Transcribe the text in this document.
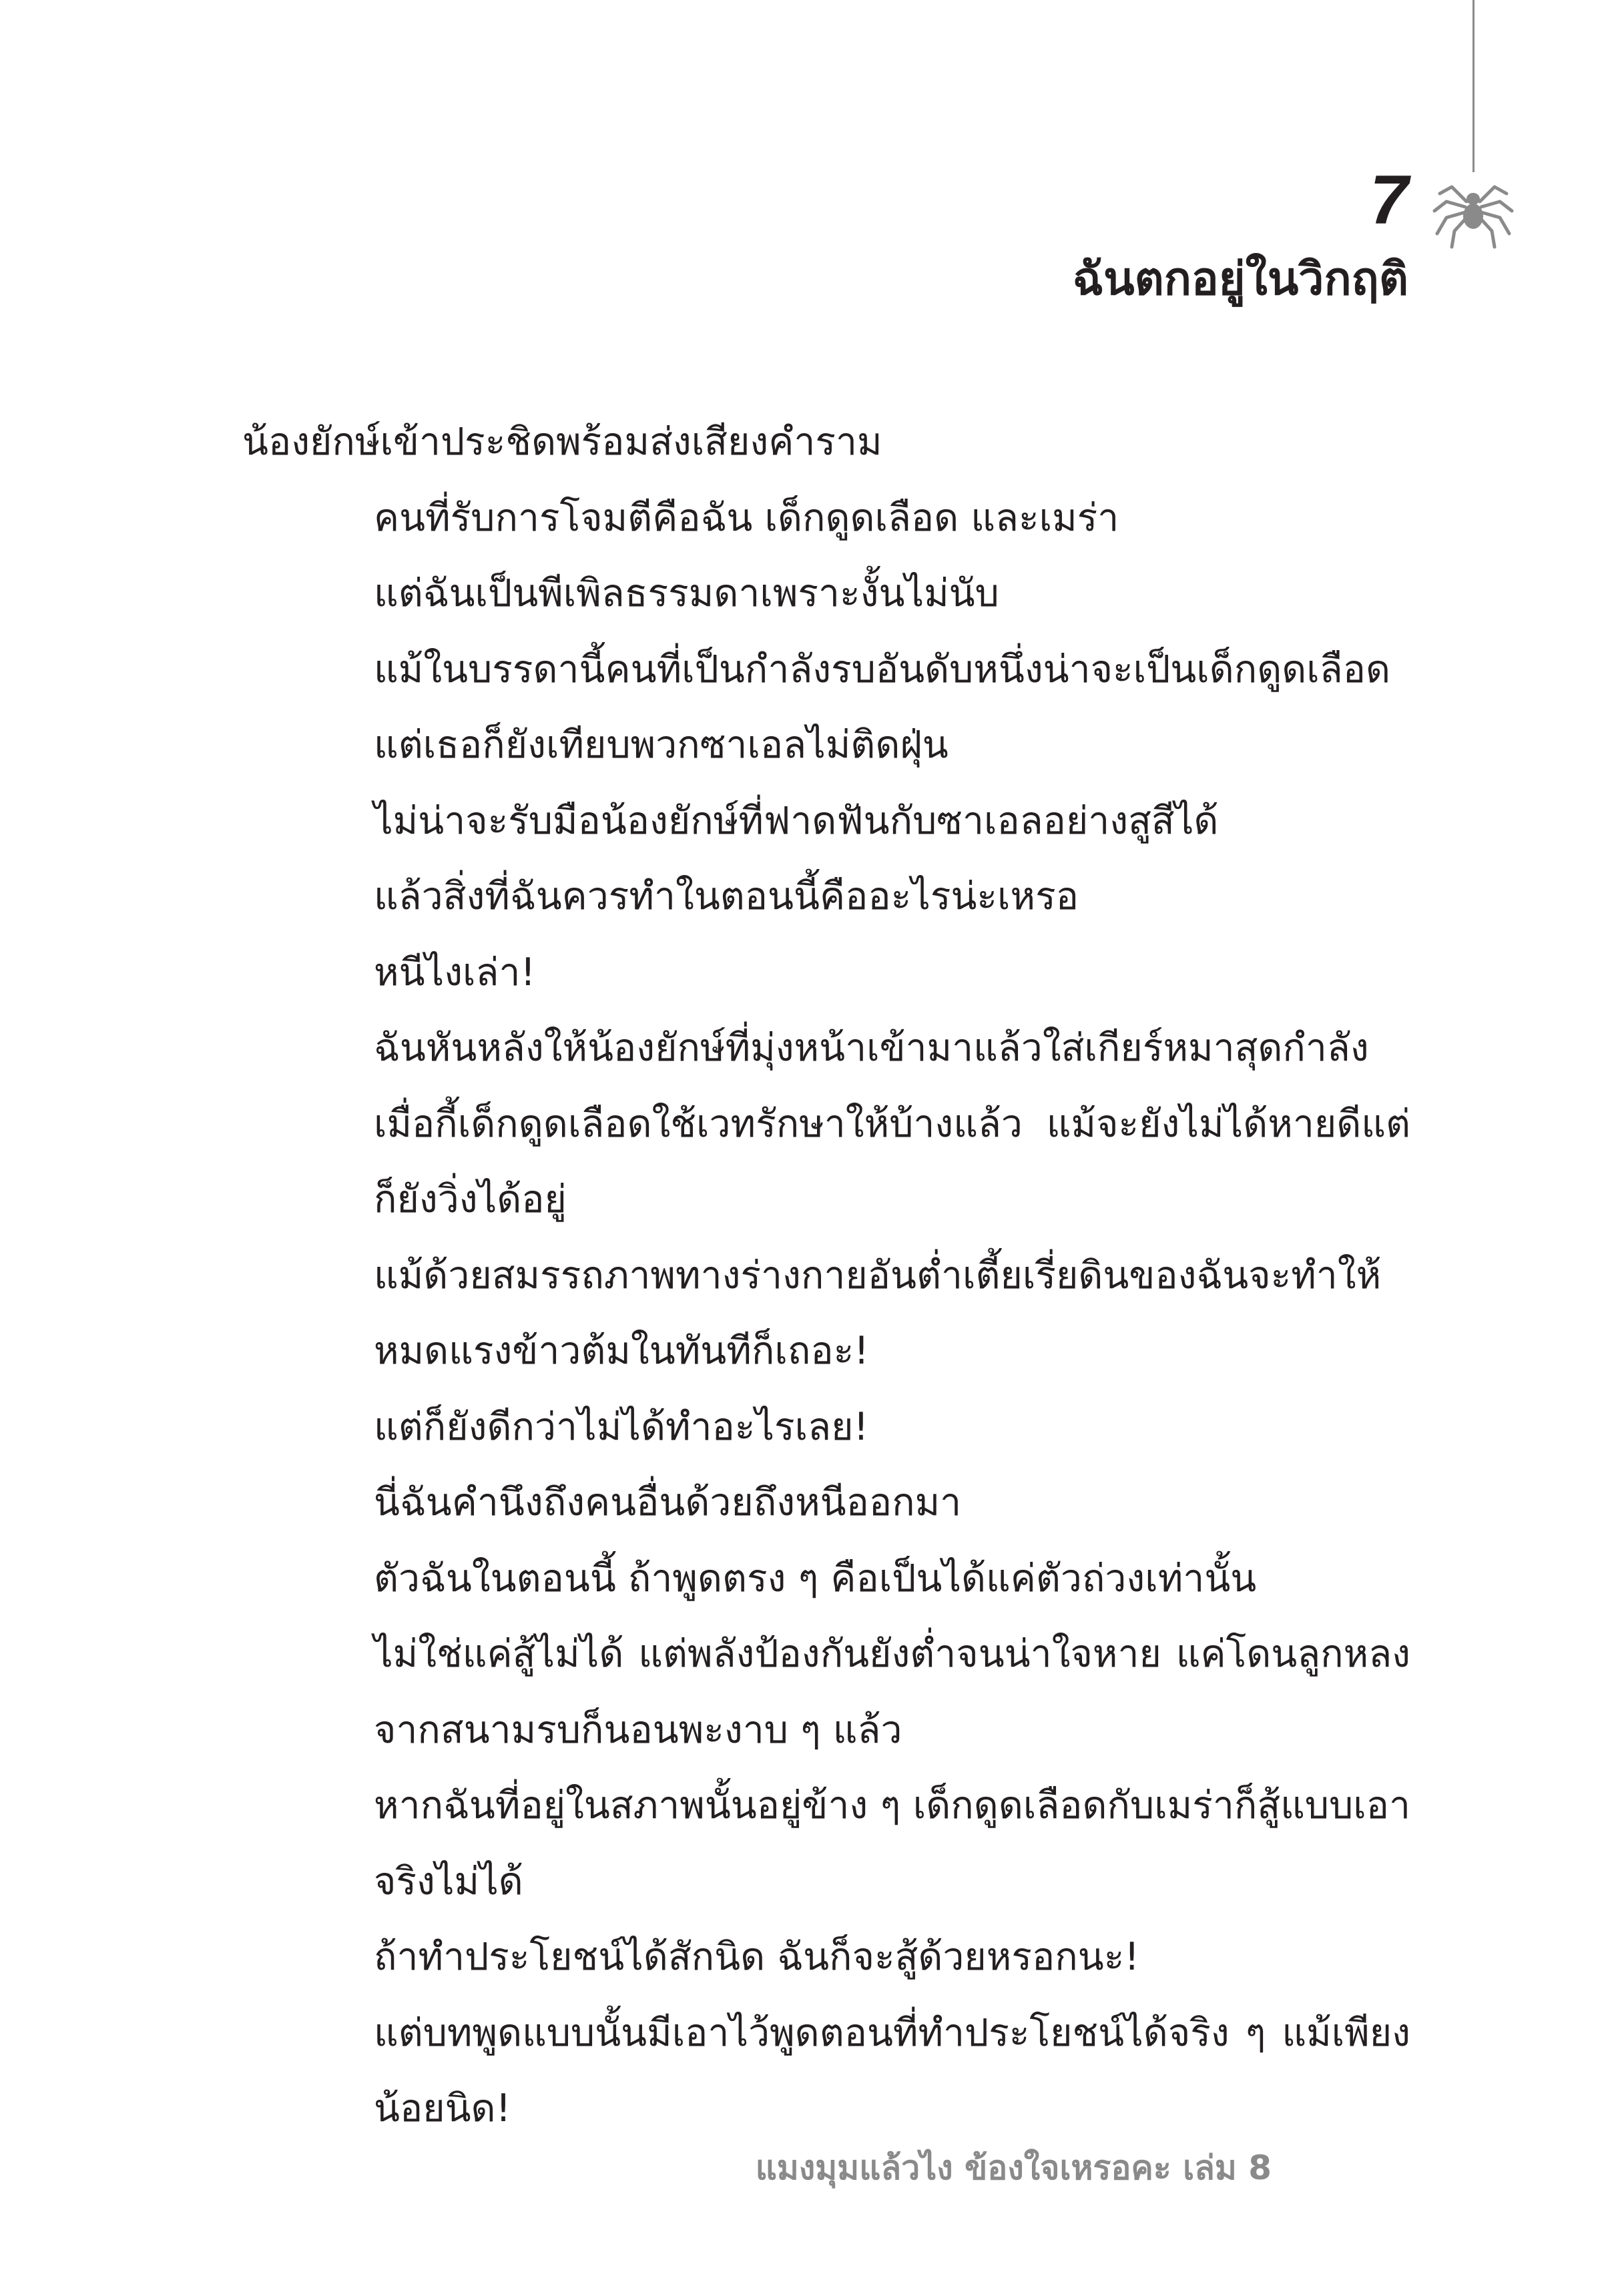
7
ฉันตกอยู่ในวิกฤติ

น้องยักษ์เข้าประชิดพร้อมส่งเสียงคำราม

คนที่รับการโจมตีคือฉัน เด็กดูดเลือด และเมร่า

แต่ฉันเป็นพีเพิลธรรมดาเพราะงั้นไม่นับ

แม้ในบรรดานี้คนที่เป็นกำลังรบอันดับหนึ่งน่าจะเป็นเด็กดูดเลือด แต่เธอก็ยังเทียบพวกซาเอลไม่ติดฝุ่น

ไม่น่าจะรับมือน้องยักษ์ที่ฟาดฟันกับซาเอลอย่างสูสีได้

แล้วสิ่งที่ฉันควรทำในตอนนี้คืออะไรน่ะเหรอ

หนีไงเล่า!

ฉันหันหลังให้น้องยักษ์ที่มุ่งหน้าเข้ามาแล้วใส่เกียร์หมาสุดกำลัง

เมื่อกี้เด็กดูดเลือดใช้เวทรักษาให้บ้างแล้ว แม้จะยังไม่ได้หายดีแต่ก็ยังวิ่งได้อยู่

แม้ด้วยสมรรถภาพทางร่างกายอันต่ำเตี้ยเรี่ยดินของฉันจะทำให้หมดแรงข้าวต้มในทันทีก็เถอะ!

แต่ก็ยังดีกว่าไม่ได้ทำอะไรเลย!

นี่ฉันคำนึงถึงคนอื่นด้วยถึงหนีออกมา

ตัวฉันในตอนนี้ ถ้าพูดตรง ๆ คือเป็นได้แค่ตัวถ่วงเท่านั้น

ไม่ใช่แค่สู้ไม่ได้ แต่พลังป้องกันยังต่ำจนน่าใจหาย แค่โดนลูกหลงจากสนามรบก็นอนพะงาบ ๆ แล้ว

หากฉันที่อยู่ในสภาพนั้นอยู่ข้าง ๆ เด็กดูดเลือดกับเมร่าก็สู้แบบเอาจริงไม่ได้

ถ้าทำประโยชน์ได้สักนิด ฉันก็จะสู้ด้วยหรอกนะ!

แต่บทพูดแบบนั้นมีเอาไว้พูดตอนที่ทำประโยชน์ได้จริง ๆ แม้เพียงน้อยนิด!

แมงมุมแล้วไง ข้องใจเหรอคะ เล่ม 8
